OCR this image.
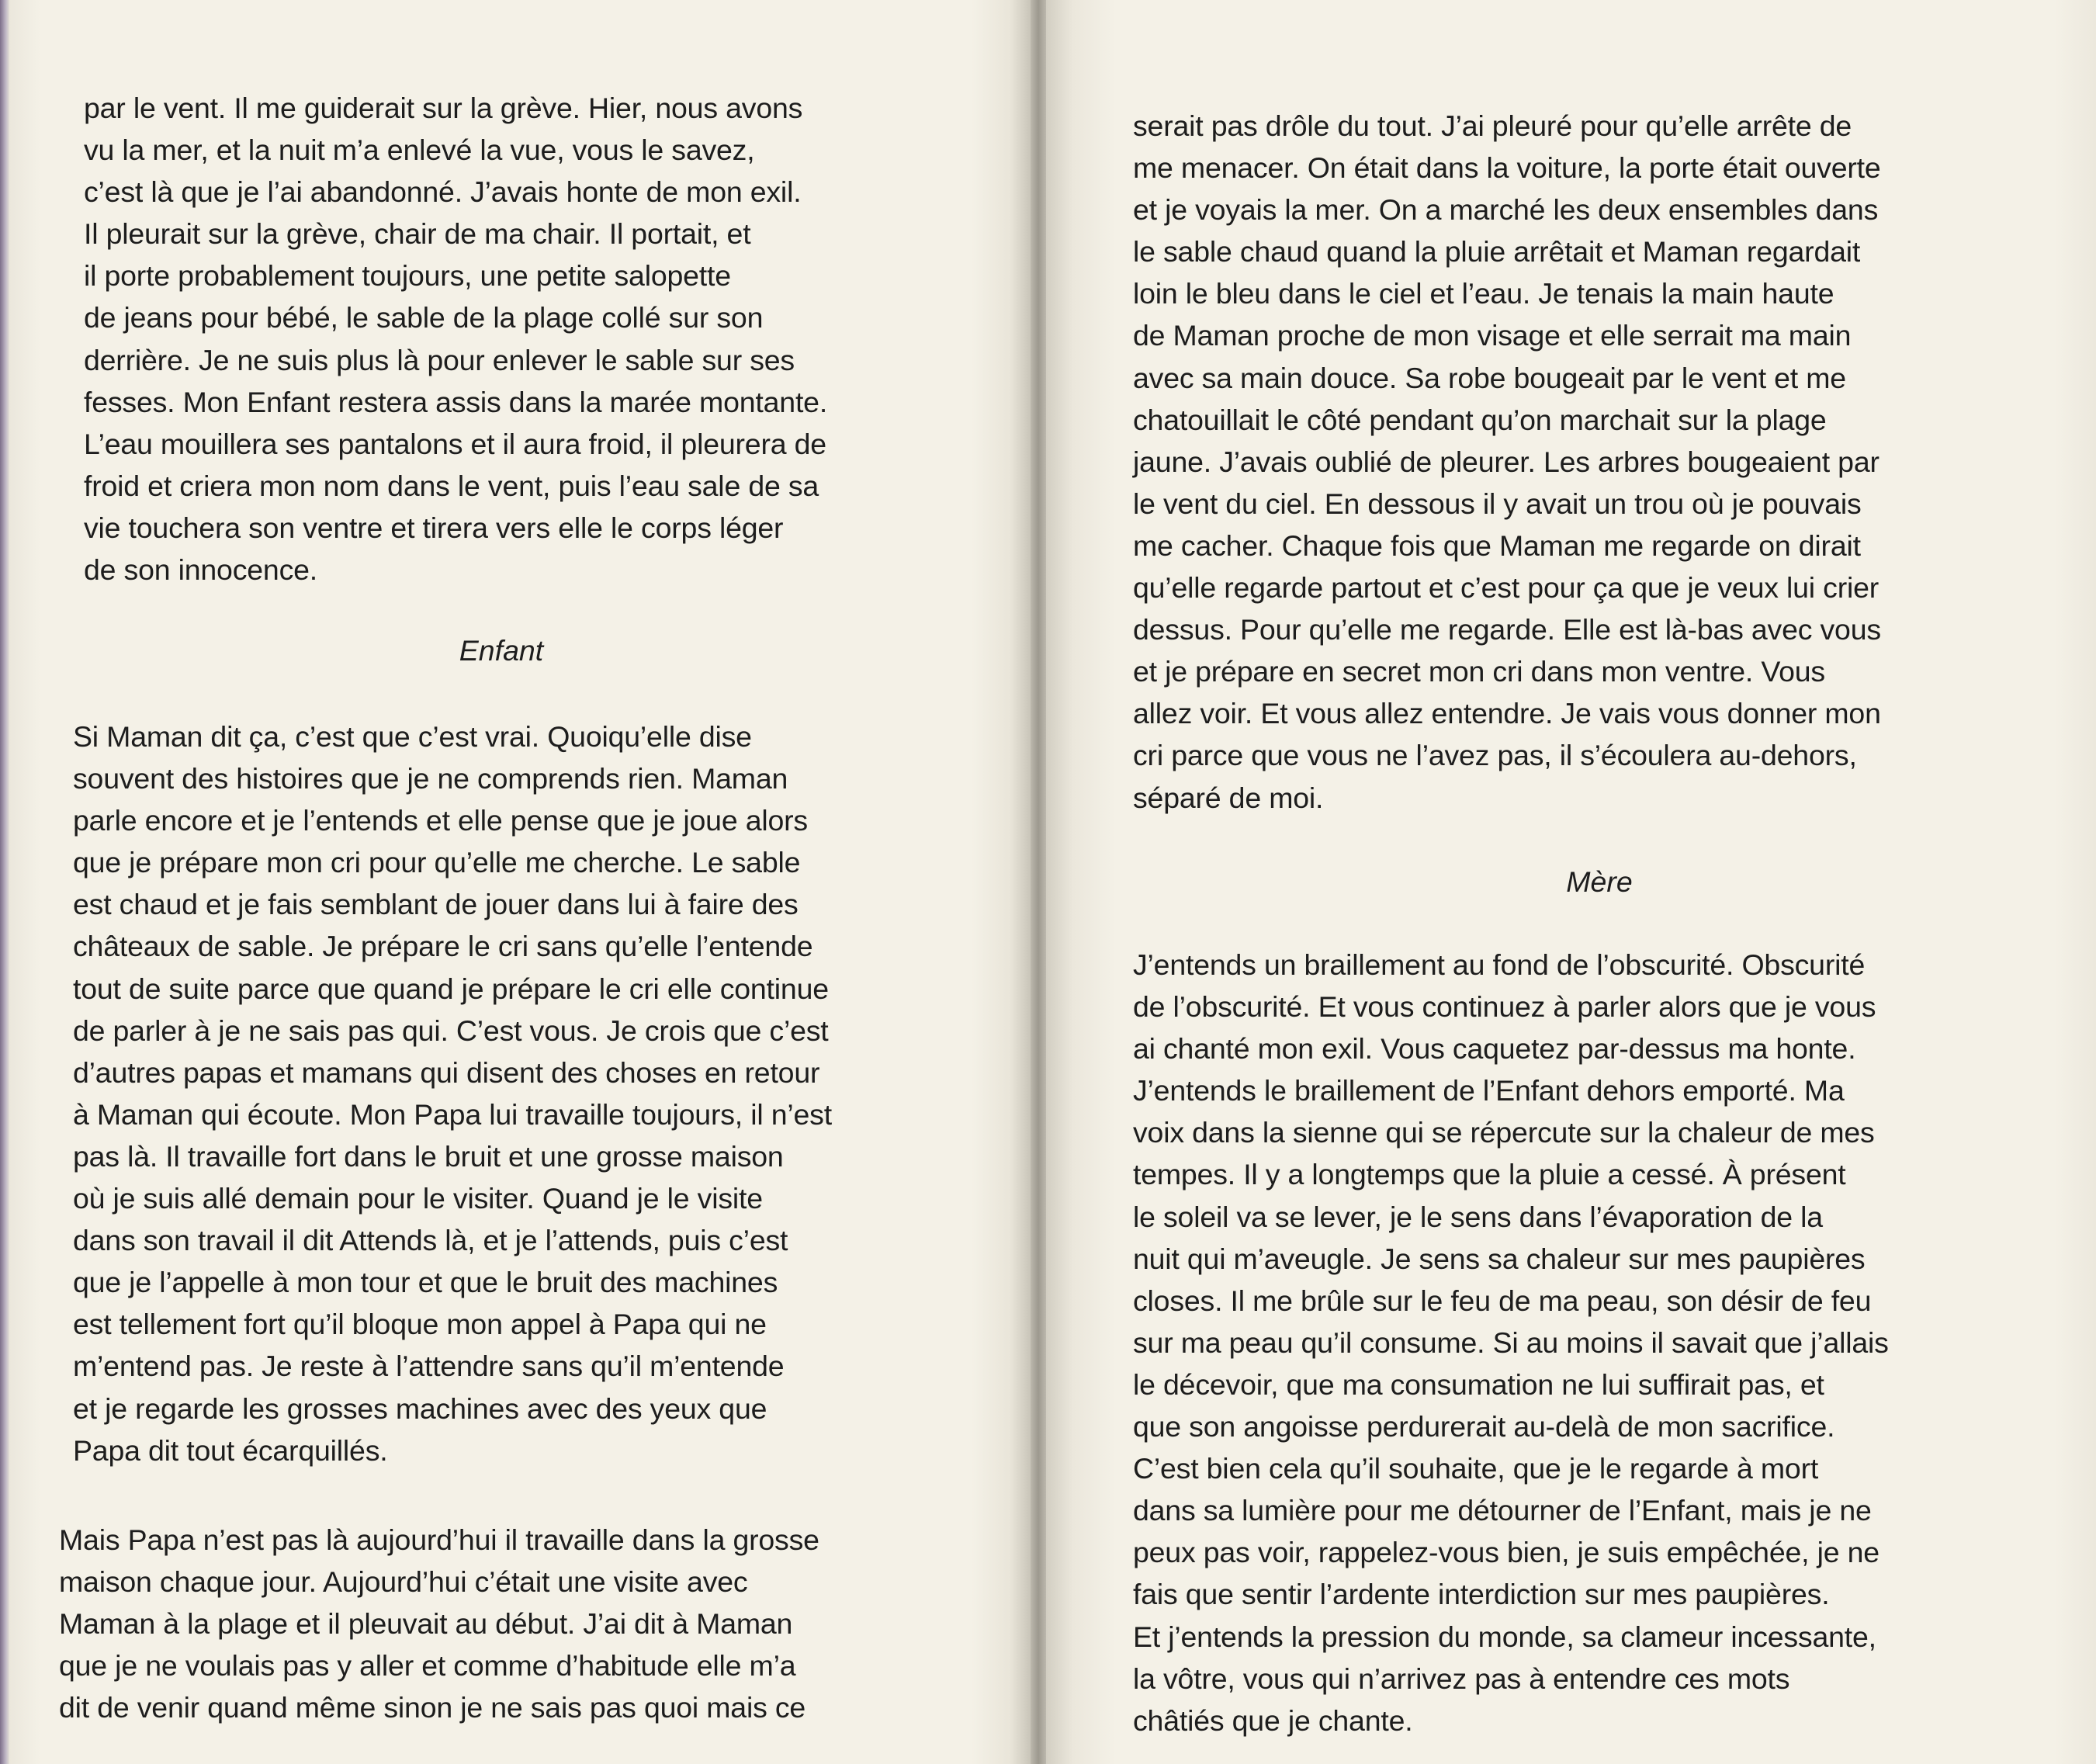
par le vent. Il me guiderait sur la grève. Hier, nous avons
vu la mer, et la nuit m’a enlevé la vue, vous le savez,
c’est là que je l’ai abandonné. J’avais honte de mon exil.
Il pleurait sur la grève, chair de ma chair. Il portait, et
il porte probablement toujours, une petite salopette
de jeans pour bébé, le sable de la plage collé sur son
derrière. Je ne suis plus là pour enlever le sable sur ses
fesses. Mon Enfant restera assis dans la marée montante.
L’eau mouillera ses pantalons et il aura froid, il pleurera de
froid et criera mon nom dans le vent, puis l’eau sale de sa
vie touchera son ventre et tirera vers elle le corps léger
de son innocence.

Enfant

Si Maman dit ça, c’est que c’est vrai. Quoiqu’elle dise
souvent des histoires que je ne comprends rien. Maman
parle encore et je l’entends et elle pense que je joue alors
que je prépare mon cri pour qu’elle me cherche. Le sable
est chaud et je fais semblant de jouer dans lui à faire des
châteaux de sable. Je prépare le cri sans qu’elle l’entende
tout de suite parce que quand je prépare le cri elle continue
de parler à je ne sais pas qui. C’est vous. Je crois que c’est
d’autres papas et mamans qui disent des choses en retour
à Maman qui écoute. Mon Papa lui travaille toujours, il n’est
pas là. Il travaille fort dans le bruit et une grosse maison
où je suis allé demain pour le visiter. Quand je le visite
dans son travail il dit Attends là, et je l’attends, puis c’est
que je l’appelle à mon tour et que le bruit des machines
est tellement fort qu’il bloque mon appel à Papa qui ne
m’entend pas. Je reste à l’attendre sans qu’il m’entende
et je regarde les grosses machines avec des yeux que
Papa dit tout écarquillés.

Mais Papa n’est pas là aujourd’hui il travaille dans la grosse
maison chaque jour. Aujourd’hui c’était une visite avec
Maman à la plage et il pleuvait au début. J’ai dit à Maman
que je ne voulais pas y aller et comme d’habitude elle m’a
dit de venir quand même sinon je ne sais pas quoi mais ce

serait pas drôle du tout. J’ai pleuré pour qu’elle arrête de
me menacer. On était dans la voiture, la porte était ouverte
et je voyais la mer. On a marché les deux ensembles dans
le sable chaud quand la pluie arrêtait et Maman regardait
loin le bleu dans le ciel et l’eau. Je tenais la main haute
de Maman proche de mon visage et elle serrait ma main
avec sa main douce. Sa robe bougeait par le vent et me
chatouillait le côté pendant qu’on marchait sur la plage
jaune. J’avais oublié de pleurer. Les arbres bougeaient par
le vent du ciel. En dessous il y avait un trou où je pouvais
me cacher. Chaque fois que Maman me regarde on dirait
qu’elle regarde partout et c’est pour ça que je veux lui crier
dessus. Pour qu’elle me regarde. Elle est là-bas avec vous
et je prépare en secret mon cri dans mon ventre. Vous
allez voir. Et vous allez entendre. Je vais vous donner mon
cri parce que vous ne l’avez pas, il s’écoulera au-dehors,
séparé de moi.

Mère

J’entends un braillement au fond de l’obscurité. Obscurité
de l’obscurité. Et vous continuez à parler alors que je vous
ai chanté mon exil. Vous caquetez par-dessus ma honte.
J’entends le braillement de l’Enfant dehors emporté. Ma
voix dans la sienne qui se répercute sur la chaleur de mes
tempes. Il y a longtemps que la pluie a cessé. À présent
le soleil va se lever, je le sens dans l’évaporation de la
nuit qui m’aveugle. Je sens sa chaleur sur mes paupières
closes. Il me brûle sur le feu de ma peau, son désir de feu
sur ma peau qu’il consume. Si au moins il savait que j’allais
le décevoir, que ma consumation ne lui suffirait pas, et
que son angoisse perdurerait au-delà de mon sacrifice.
C’est bien cela qu’il souhaite, que je le regarde à mort
dans sa lumière pour me détourner de l’Enfant, mais je ne
peux pas voir, rappelez-vous bien, je suis empêchée, je ne
fais que sentir l’ardente interdiction sur mes paupières.
Et j’entends la pression du monde, sa clameur incessante,
la vôtre, vous qui n’arrivez pas à entendre ces mots
châtiés que je chante.
